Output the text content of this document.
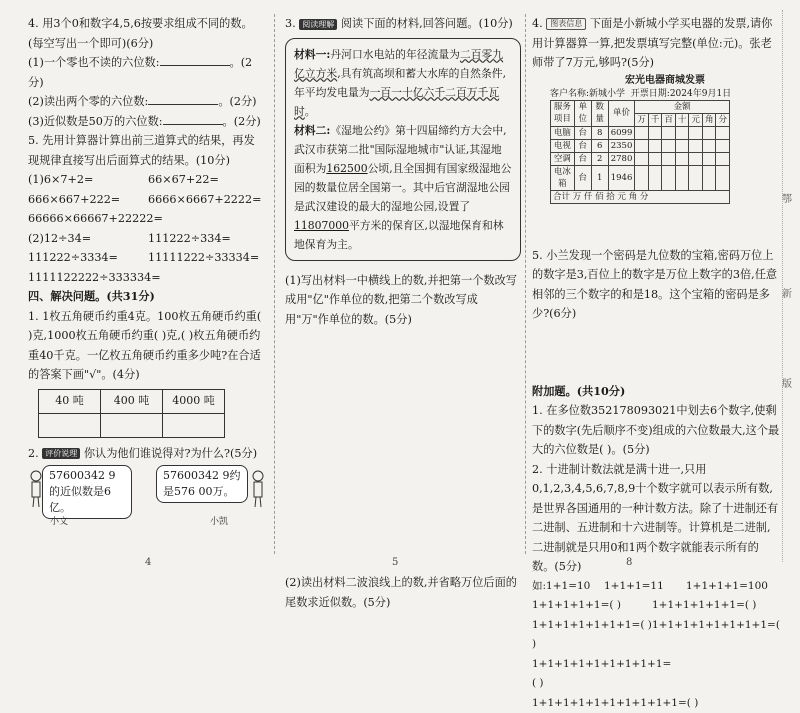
鄂
新
版

4. 用3个0和数字4,5,6按要求组成不同的数。(每空写出一个即可)(6分)

(1)一个零也不读的六位数:	。(2分)

(2)读出两个零的六位数:	。(2分)

(3)近似数是50万的六位数:	。(2分)

5. 先用计算器计算出前三道算式的结果，再发现规律直接写出后面算式的结果。(10分)

(1)6×7+2=	66×67+22=

666×667+222= 6666×6667+2222=

66666×66667+22222=

(2)12÷34=	111222÷334=

111222÷3334=	11111222÷33334=

1111122222÷333334=

四、解决问题。(共31分)

1. 1枚五角硬币约重4克。100枚五角硬币约重( )克,1000枚五角硬币约重( )克,( )枚五角硬币约重40千克。一亿枚五角硬币约重多少吨?在合适的答案下画"√"。(4分)

40 吨	400 吨	4000 吨

2. 评价说理 你认为他们谁说得对?为什么?(5分)

57600342 9的近似数是6亿。
57600342 9约是576 00万。
小文	小凯
4

3. 阅读理解 阅读下面的材料,回答问题。(10分)

材料一:丹河口水电站的年径流量为二百零九亿立方米,具有筑高坝和蓄大水库的自然条件,年平均发电量为一百一十亿六千二百万千瓦时。

材料二:《湿地公约》第十四届缔约方大会中,武汉市获第二批"国际湿地城市"认证,其湿地面积为162500公顷,且全国拥有国家级湿地公园的数量位居全国第一。其中后官湖湿地公园是武汉建设的最大的湿地公园,设置了11807000平方米的保育区,以湿地保育和林地保育为主。

(1)写出材料一中横线上的数,并把第一个数改写成用"亿"作单位的数,把第二个数改写成用"万"作单位的数。(5分)

(2)读出材料二波浪线上的数,并省略万位后面的尾数求近似数。(5分)

5

4. 图表信息 下面是小新城小学买电器的发票,请你用计算器算一算,把发票填写完整(单位:元)。张老师带了7万元,够吗?(5分)

宏光电器商城发票
客户名称:新城小学 开票日期:2024年9月1日
服务项目	单位	数量	单价	金额						
				万	千	百	十	元	角	分
电脑	台	8	6099							
电视	台	6	2350							
空调	台	2	2780							
电冰箱	台	1	1946							
合计 万 仟 佰 拾 元 角 分										

5. 小兰发现一个密码是九位数的宝箱,密码万位上的数字是3,百位上的数字是万位上数字的3倍,任意相邻的三个数字的和是18。这个宝箱的密码是多少?(6分)

附加题。(共10分)

1. 在多位数352178093021中划去6个数字,使剩下的数字(先后顺序不变)组成的六位数最大,这个最大的六位数是( )。(5分)

2. 十进制计数法就是满十进一,只用0,1,2,3,4,5,6,7,8,9十个数字就可以表示所有数,是世界各国通用的一种计数方法。除了十进制还有二进制、五进制和十六进制等。计算机是二进制,二进制就是只用0和1两个数字就能表示所有的数。(5分)

如:1+1=10 1+1+1=11 1+1+1+1=100

1+1+1+1+1=( )	1+1+1+1+1+1=( )

1+1+1+1+1+1+1=( )1+1+1+1+1+1+1+1=( )

1+1+1+1+1+1+1+1+1=( )1+1+1+1+1+1+1+1+1+1=( )

8
